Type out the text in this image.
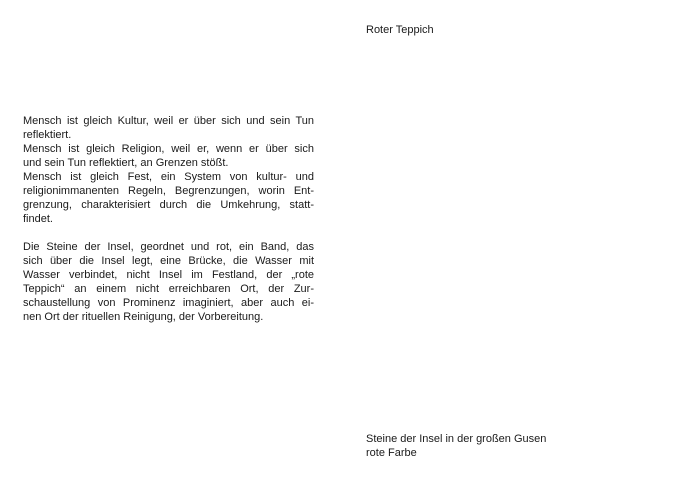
Roter Teppich
Mensch ist gleich Kultur, weil er über sich und sein Tun
reflektiert.
Mensch ist gleich Religion, weil er, wenn er über sich
und sein Tun reflektiert, an Grenzen stößt.
Mensch ist gleich Fest, ein System von kultur- und
religionimmanenten Regeln, Begrenzungen, worin Ent-
grenzung, charakterisiert durch die Umkehrung, statt-
findet.
Die Steine der Insel, geordnet und rot, ein Band, das
sich über die Insel legt, eine Brücke, die Wasser mit
Wasser verbindet, nicht Insel im Festland, der „rote
Teppich“ an einem nicht erreichbaren Ort, der Zur-
schaustellung von Prominenz imaginiert, aber auch ei-
nen Ort der rituellen Reinigung, der Vorbereitung.
Steine der Insel in der großen Gusen
rote Farbe
